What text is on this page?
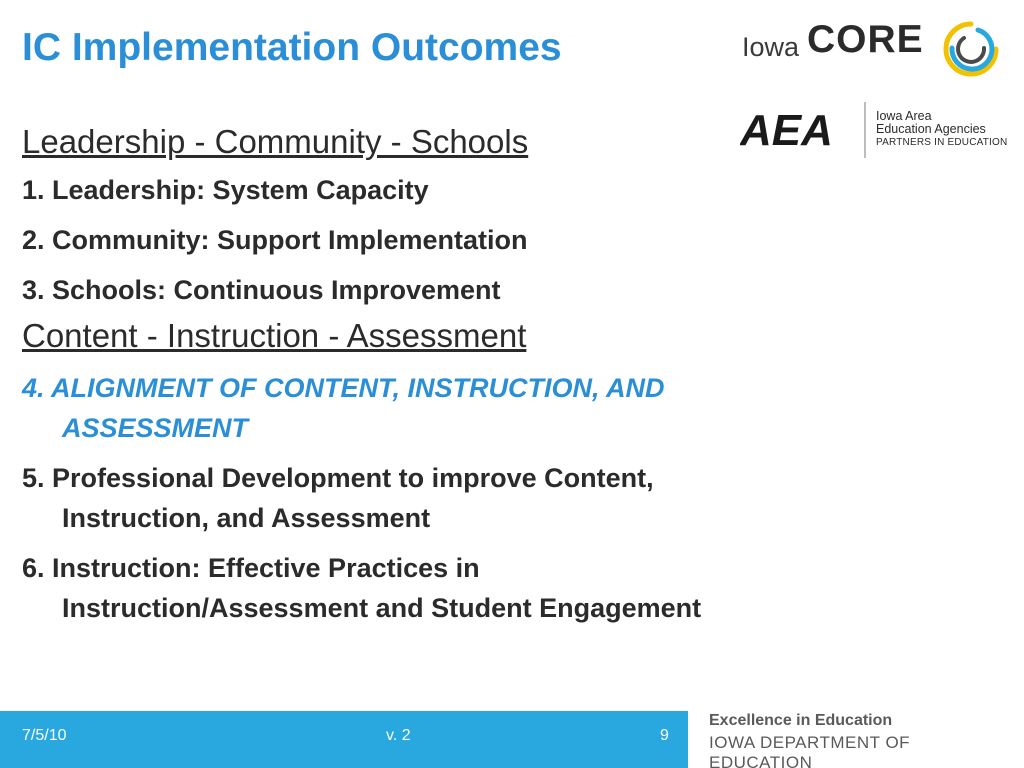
IC Implementation Outcomes	Iowa CORE
AEA	Iowa Area
Education Agencies
PARTNERS IN EDUCATION
Leadership - Community - Schools
1. Leadership: System Capacity
2. Community: Support Implementation
3. Schools: Continuous Improvement
Content - Instruction - Assessment
4. ALIGNMENT OF CONTENT, INSTRUCTION, AND ASSESSMENT
5. Professional Development to improve Content, Instruction, and Assessment
6. Instruction: Effective Practices in Instruction/Assessment and Student Engagement
7/5/10	v. 2	9
Excellence in Education
IOWA DEPARTMENT OF EDUCATION
